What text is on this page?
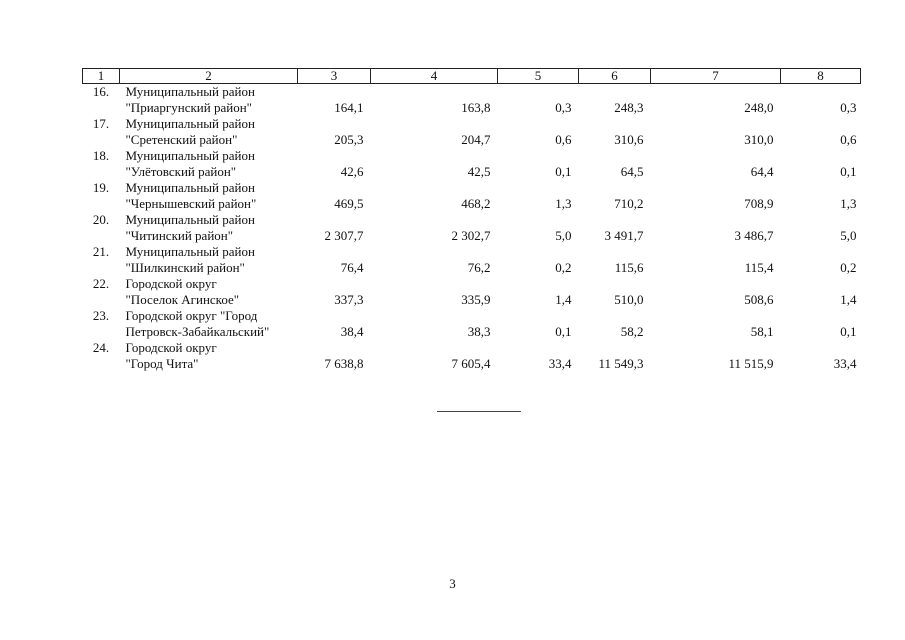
1	2	3	4	5	6	7	8
16.	Муниципальный район
"Приаргунский район"	164,1	163,8	0,3	248,3	248,0	0,3
17.	Муниципальный район
"Сретенский район"	205,3	204,7	0,6	310,6	310,0	0,6
18.	Муниципальный район
"Улётовский район"	42,6	42,5	0,1	64,5	64,4	0,1
19.	Муниципальный район
"Чернышевский район"	469,5	468,2	1,3	710,2	708,9	1,3
20.	Муниципальный район
"Читинский район"	2 307,7	2 302,7	5,0	3 491,7	3 486,7	5,0
21.	Муниципальный район
"Шилкинский район"	76,4	76,2	0,2	115,6	115,4	0,2
22.	Городской округ
"Поселок Агинское"	337,3	335,9	1,4	510,0	508,6	1,4
23.	Городской округ "Город
Петровск-Забайкальский"	38,4	38,3	0,1	58,2	58,1	0,1
24.	Городской округ
"Город Чита"	7 638,8	7 605,4	33,4	11 549,3	11 515,9	33,4
3
